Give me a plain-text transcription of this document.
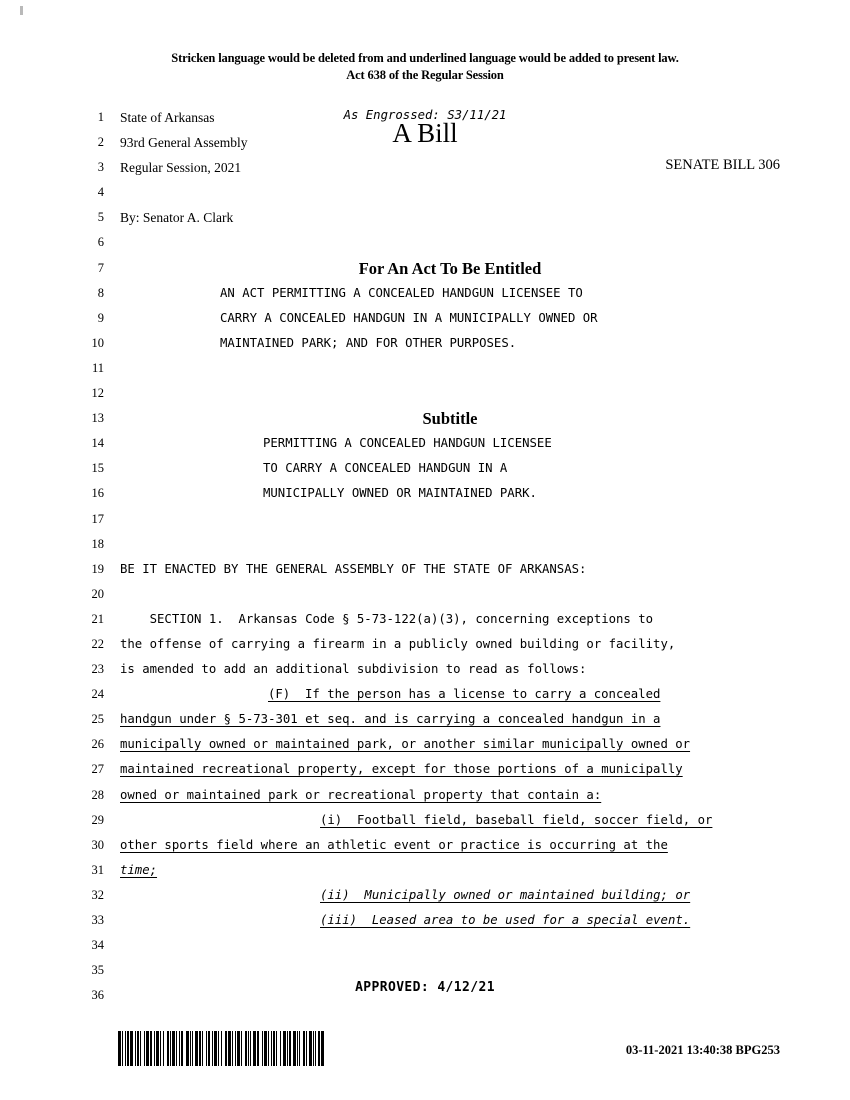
Stricken language would be deleted from and underlined language would be added to present law.
Act 638 of the Regular Session
1
2
3
4
5
6
7
8
9
10
11
12
13
14
15
16
17
18
19
20
21
22
23
24
25
26
27
28
29
30
31
32
33
34
35
36
As Engrossed: S3/11/21
A Bill
SENATE BILL 306
State of Arkansas
93rd General Assembly
Regular Session, 2021
By: Senator A. Clark
For An Act To Be Entitled
AN ACT PERMITTING A CONCEALED HANDGUN LICENSEE TO
CARRY A CONCEALED HANDGUN IN A MUNICIPALLY OWNED OR
MAINTAINED PARK; AND FOR OTHER PURPOSES.
Subtitle
PERMITTING A CONCEALED HANDGUN LICENSEE
TO CARRY A CONCEALED HANDGUN IN A
MUNICIPALLY OWNED OR MAINTAINED PARK.
BE IT ENACTED BY THE GENERAL ASSEMBLY OF THE STATE OF ARKANSAS:
SECTION 1.  Arkansas Code § 5-73-122(a)(3), concerning exceptions to
the offense of carrying a firearm in a publicly owned building or facility,
is amended to add an additional subdivision to read as follows:
(F)  If the person has a license to carry a concealed
handgun under § 5-73-301 et seq. and is carrying a concealed handgun in a
municipally owned or maintained park, or another similar municipally owned or
maintained recreational property, except for those portions of a municipally
owned or maintained park or recreational property that contain a:
(i)  Football field, baseball field, soccer field, or
other sports field where an athletic event or practice is occurring at the
time;
(ii)  Municipally owned or maintained building; or
(iii)  Leased area to be used for a special event.
APPROVED: 4/12/21
03-11-2021 13:40:38 BPG253
